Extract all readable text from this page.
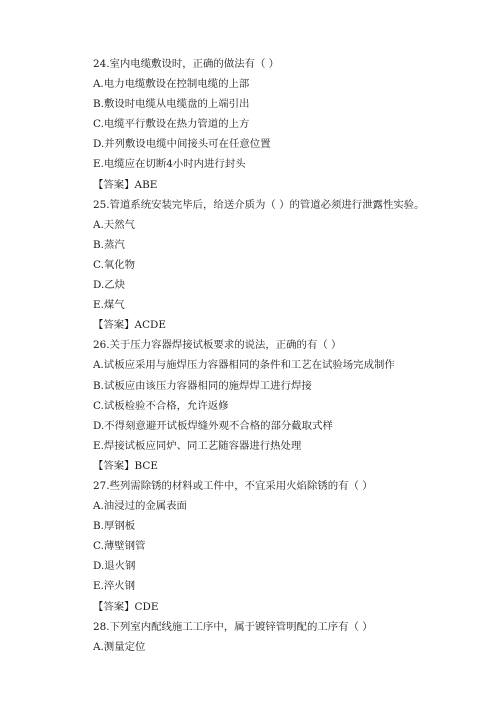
24.室内电缆敷设时，正确的做法有（ ）
A.电力电缆敷设在控制电缆的上部
B.敷设时电缆从电缆盘的上端引出
C.电缆平行敷设在热力管道的上方
D.并列敷设电缆中间接头可在任意位置
E.电缆应在切断4小时内进行封头
【答案】ABE
25.管道系统安装完毕后，给送介质为（ ）的管道必须进行泄露性实验。
A.天然气
B.蒸汽
C.氧化物
D.乙炔
E.煤气
【答案】ACDE
26.关于压力容器焊接试板要求的说法，正确的有（ ）
A.试板应采用与施焊压力容器相同的条件和工艺在试验场完成制作
B.试板应由该压力容器相同的施焊焊工进行焊接
C.试板检验不合格，允许返修
D.不得刻意避开试板焊缝外观不合格的部分截取式样
E.焊接试板应同炉、同工艺随容器进行热处理
【答案】BCE
27.些列需除锈的材料或工件中，不宜采用火焰除锈的有（ ）
A.油浸过的金属表面
B.厚钢板
C.薄壁钢管
D.退火钢
E.淬火钢
【答案】CDE
28.下列室内配线施工工序中，属于镀锌管明配的工序有（ ）
A.测量定位
